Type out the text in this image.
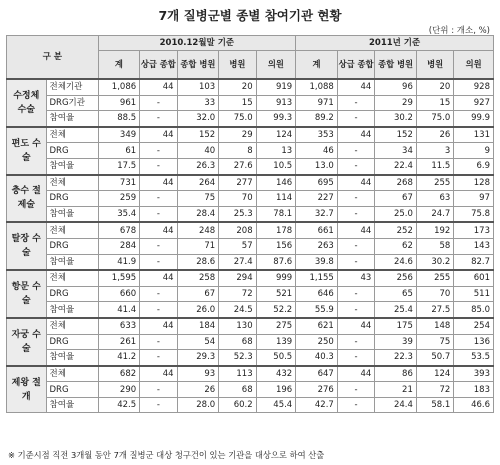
7개 질병군별 종별 참여기관 현황
(단위 : 개소, %)
구 분		2010.12월말 기준					2011년 기준				
		계	상급 종합	종합 병원	병원	의원	계	상급 종합	종합 병원	병원	의원
수정체 수술	전체기관	1,086	44	103	20	919	1,088	44	96	20	928
	DRG기관	961	-	33	15	913	971	-	29	15	927
	참여율	88.5	-	32.0	75.0	99.3	89.2	-	30.2	75.0	99.9
편도 수술	전체	349	44	152	29	124	353	44	152	26	131
	DRG	61	-	40	8	13	46	-	34	3	9
	참여율	17.5	-	26.3	27.6	10.5	13.0	-	22.4	11.5	6.9
충수 절제술	전체	731	44	264	277	146	695	44	268	255	128
	DRG	259	-	75	70	114	227	-	67	63	97
	참여율	35.4	-	28.4	25.3	78.1	32.7	-	25.0	24.7	75.8
탈장 수술	전체	678	44	248	208	178	661	44	252	192	173
	DRG	284	-	71	57	156	263	-	62	58	143
	참여율	41.9	-	28.6	27.4	87.6	39.8	-	24.6	30.2	82.7
항문 수술	전체	1,595	44	258	294	999	1,155	43	256	255	601
	DRG	660	-	67	72	521	646	-	65	70	511
	참여율	41.4	-	26.0	24.5	52.2	55.9	-	25.4	27.5	85.0
자궁 수술	전체	633	44	184	130	275	621	44	175	148	254
	DRG	261	-	54	68	139	250	-	39	75	136
	참여율	41.2	-	29.3	52.3	50.5	40.3	-	22.3	50.7	53.5
제왕 절개	전체	682	44	93	113	432	647	44	86	124	393
	DRG	290	-	26	68	196	276	-	21	72	183
	참여율	42.5	-	28.0	60.2	45.4	42.7	-	24.4	58.1	46.6
※ 기준시점 직전 3개월 동안 7개 질병군 대상 청구건이 있는 기관을 대상으로 하여 산출
